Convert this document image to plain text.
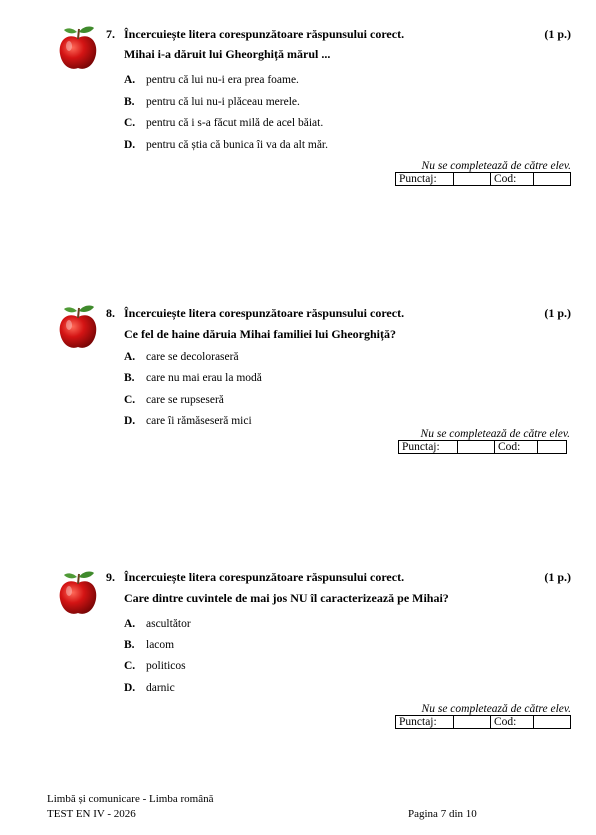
7. Încercuiește litera corespunzătoare răspunsului corect.	(1 p.)
Mihai i-a dăruit lui Gheorghiță mărul ...
A. pentru că lui nu-i era prea foame.
B. pentru că lui nu-i plăceau merele.
C. pentru că i s-a făcut milă de acel băiat.
D. pentru că știa că bunica îi va da alt măr.
Nu se completează de către elev.
Punctaj:		Cod:	
8. Încercuiește litera corespunzătoare răspunsului corect.	(1 p.)
Ce fel de haine dăruia Mihai familiei lui Gheorghiță?
A. care se decoloraseră
B. care nu mai erau la modă
C. care se rupseseră
D. care îi rămăseseră mici
Nu se completează de către elev.
Punctaj:		Cod:	
9. Încercuiește litera corespunzătoare răspunsului corect.	(1 p.)
Care dintre cuvintele de mai jos NU îl caracterizează pe Mihai?
A. ascultător
B. lacom
C. politicos
D. darnic
Nu se completează de către elev.
Punctaj:		Cod:	
Limbă și comunicare - Limba română
TEST EN IV - 2026	Pagina 7 din 10
